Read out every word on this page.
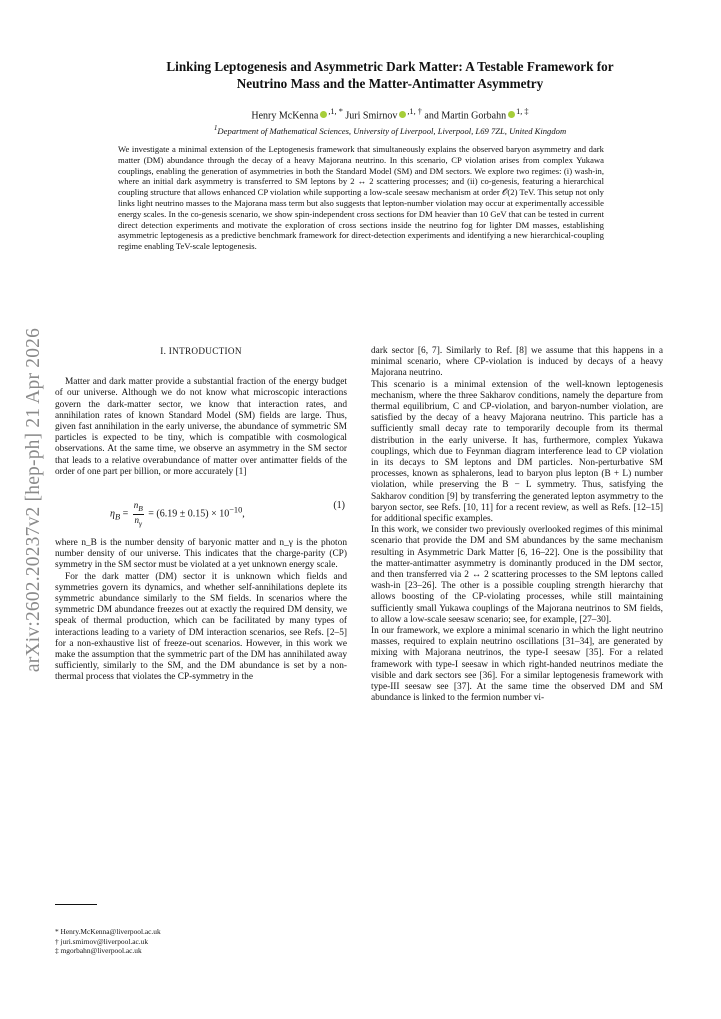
arXiv:2602.20237v2 [hep-ph] 21 Apr 2026
Linking Leptogenesis and Asymmetric Dark Matter: A Testable Framework for
Neutrino Mass and the Matter-Antimatter Asymmetry
Henry McKenna $^{,1, *}$ Juri Smirnov $^{,1, \dagger}$ and Martin Gorbahn $^{1, \ddagger}$
$^1$Department of Mathematical Sciences, University of Liverpool, Liverpool, L69 7ZL, United Kingdom
We investigate a minimal extension of the Leptogenesis framework that simultaneously explains the observed baryon asymmetry and dark matter (DM) abundance through the decay of a heavy Majorana neutrino. In this scenario, CP violation arises from complex Yukawa couplings, enabling the generation of asymmetries in both the Standard Model (SM) and DM sectors. We explore two regimes: (i) wash-in, where an initial dark asymmetry is transferred to SM leptons by 2 ↔ 2 scattering processes; and (ii) co-genesis, featuring a hierarchical coupling structure that allows enhanced CP violation while supporting a low-scale seesaw mechanism at order 𝒪(2) TeV. This setup not only links light neutrino masses to the Majorana mass term but also suggests that lepton-number violation may occur at experimentally accessible energy scales. In the co-genesis scenario, we show spin-independent cross sections for DM heavier than 10 GeV that can be tested in current direct detection experiments and motivate the exploration of cross sections inside the neutrino fog for lighter DM masses, establishing asymmetric leptogenesis as a predictive benchmark framework for direct-detection experiments and identifying a new hierarchical-coupling regime enabling TeV-scale leptogenesis.
I. INTRODUCTION

Matter and dark matter provide a substantial fraction of the energy budget of our universe. Although we do not know what microscopic interactions govern the dark-matter sector, we know that interaction rates, and annihilation rates of known Standard Model (SM) fields are large. Thus, given fast annihilation in the early universe, the abundance of symmetric SM particles is expected to be tiny, which is compatible with cosmological observations. At the same time, we observe an asymmetry in the SM sector that leads to a relative overabundance of matter over antimatter fields of the order of one part per billion, or more accurately [1]

$\eta_B = \frac{n_B}{n_\gamma} = (6.19 \pm 0.15) \times 10^{-10}$,
(1)

where n_B is the number density of baryonic matter and n_γ is the photon number density of our universe. This indicates that the charge-parity (CP) symmetry in the SM sector must be violated at a yet unknown energy scale.

For the dark matter (DM) sector it is unknown which fields and symmetries govern its dynamics, and whether self-annihilations deplete its symmetric abundance similarly to the SM fields. In scenarios where the symmetric DM abundance freezes out at exactly the required DM density, we speak of thermal production, which can be facilitated by many types of interactions leading to a variety of DM interaction scenarios, see Refs. [2–5] for a non-exhaustive list of freeze-out scenarios. However, in this work we make the assumption that the symmetric part of the DM has annihilated away sufficiently, similarly to the SM, and the DM abundance is set by a non-thermal process that violates the CP-symmetry in the

dark sector [6, 7]. Similarly to Ref. [8] we assume that this happens in a minimal scenario, where CP-violation is induced by decays of a heavy Majorana neutrino.

This scenario is a minimal extension of the well-known leptogenesis mechanism, where the three Sakharov conditions, namely the departure from thermal equilibrium, C and CP-violation, and baryon-number violation, are satisfied by the decay of a heavy Majorana neutrino. This particle has a sufficiently small decay rate to temporarily decouple from its thermal distribution in the early universe. It has, furthermore, complex Yukawa couplings, which due to Feynman diagram interference lead to CP violation in its decays to SM leptons and DM particles. Non-perturbative SM processes, known as sphalerons, lead to baryon plus lepton (B + L) number violation, while preserving the B − L symmetry. Thus, satisfying the Sakharov condition [9] by transferring the generated lepton asymmetry to the baryon sector, see Refs. [10, 11] for a recent review, as well as Refs. [12–15] for additional specific examples.

In this work, we consider two previously overlooked regimes of this minimal scenario that provide the DM and SM abundances by the same mechanism resulting in Asymmetric Dark Matter [6, 16–22]. One is the possibility that the matter-antimatter asymmetry is dominantly produced in the DM sector, and then transferred via 2 ↔ 2 scattering processes to the SM leptons called wash-in [23–26]. The other is a possible coupling strength hierarchy that allows boosting of the CP-violating processes, while still maintaining sufficiently small Yukawa couplings of the Majorana neutrinos to SM fields, to allow a low-scale seesaw scenario; see, for example, [27–30].

In our framework, we explore a minimal scenario in which the light neutrino masses, required to explain neutrino oscillations [31–34], are generated by mixing with Majorana neutrinos, the type-I seesaw [35]. For a related framework with type-I seesaw in which right-handed neutrinos mediate the visible and dark sectors see [36]. For a similar leptogenesis framework with type-III seesaw see [37]. At the same time the observed DM and SM abundance is linked to the fermion number vi-

* Henry.McKenna@liverpool.ac.uk
† juri.smirnov@liverpool.ac.uk
‡ mgorbahn@liverpool.ac.uk
